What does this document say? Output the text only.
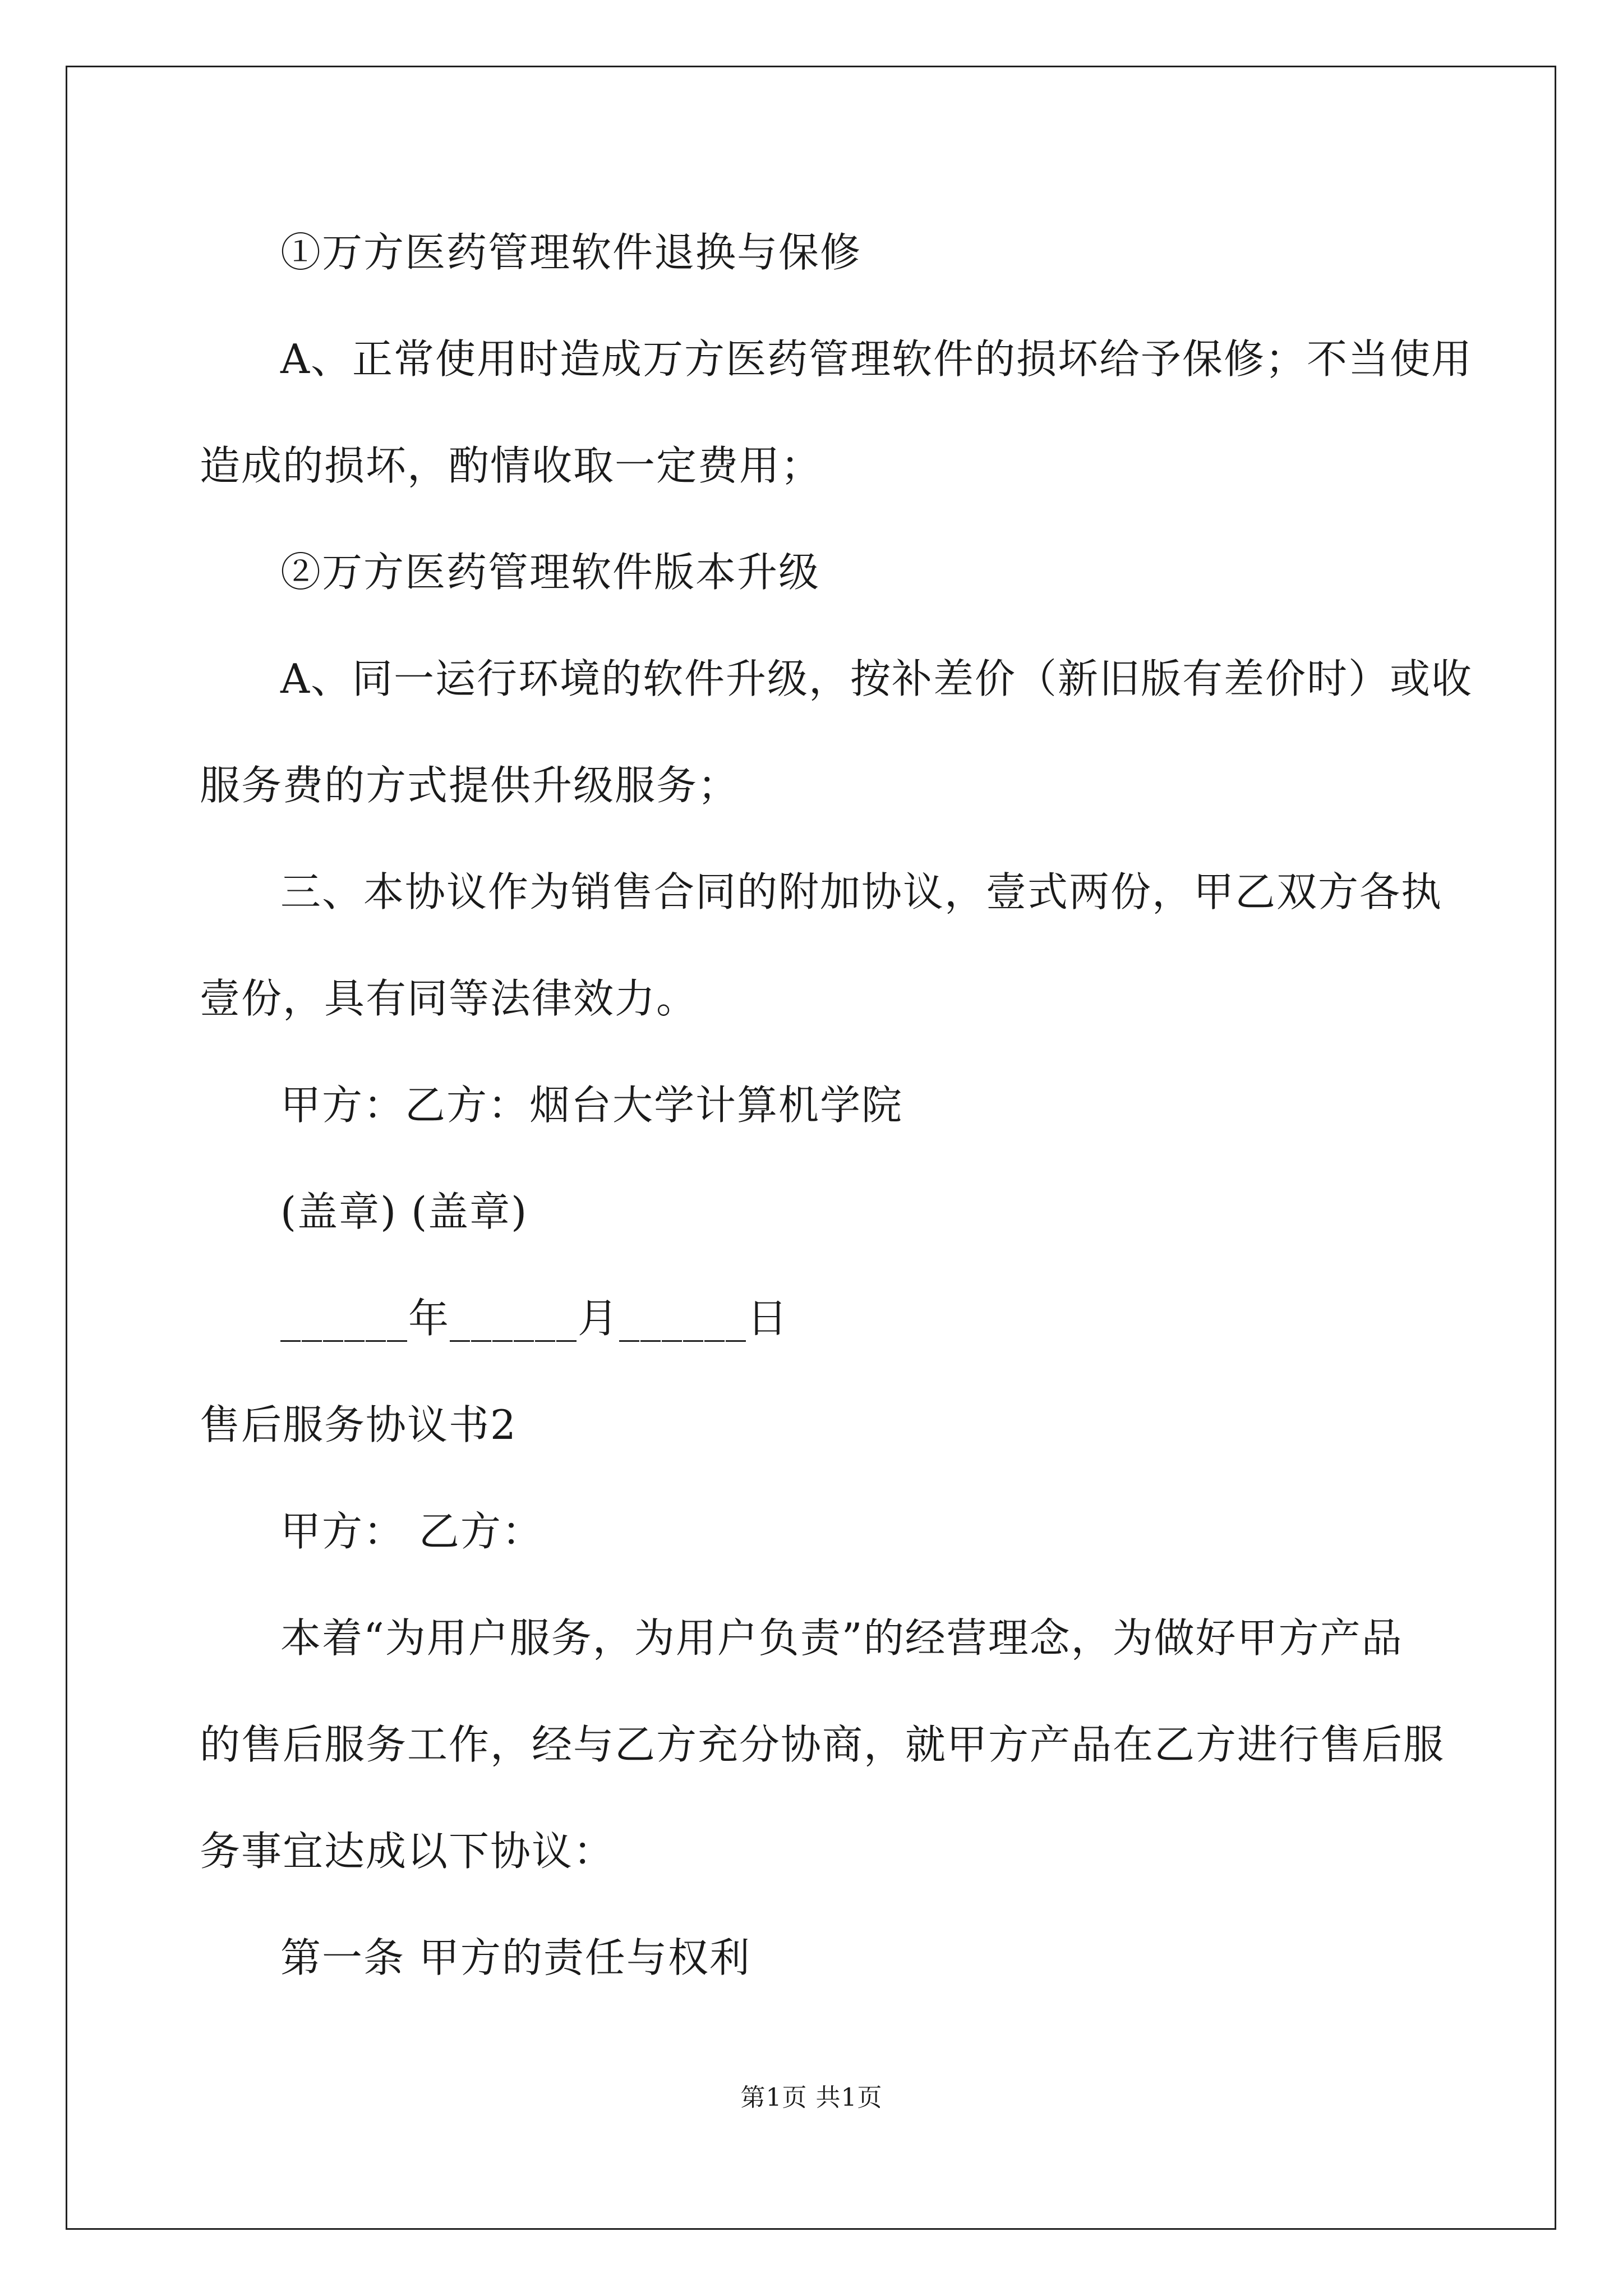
①万方医药管理软件退换与保修
A、正常使用时造成万方医药管理软件的损坏给予保修；不当使用
造成的损坏，酌情收取一定费用；
②万方医药管理软件版本升级
A、同一运行环境的软件升级，按补差价（新旧版有差价时）或收
服务费的方式提供升级服务；
三、本协议作为销售合同的附加协议，壹式两份，甲乙双方各执
壹份，具有同等法律效力。
甲方：乙方：烟台大学计算机学院
(盖章) (盖章)
______年______月______日
售后服务协议书2
甲方： 乙方：
本着“为用户服务，为用户负责”的经营理念，为做好甲方产品
的售后服务工作，经与乙方充分协商，就甲方产品在乙方进行售后服
务事宜达成以下协议：
第一条 甲方的责任与权利
第1页 共1页
